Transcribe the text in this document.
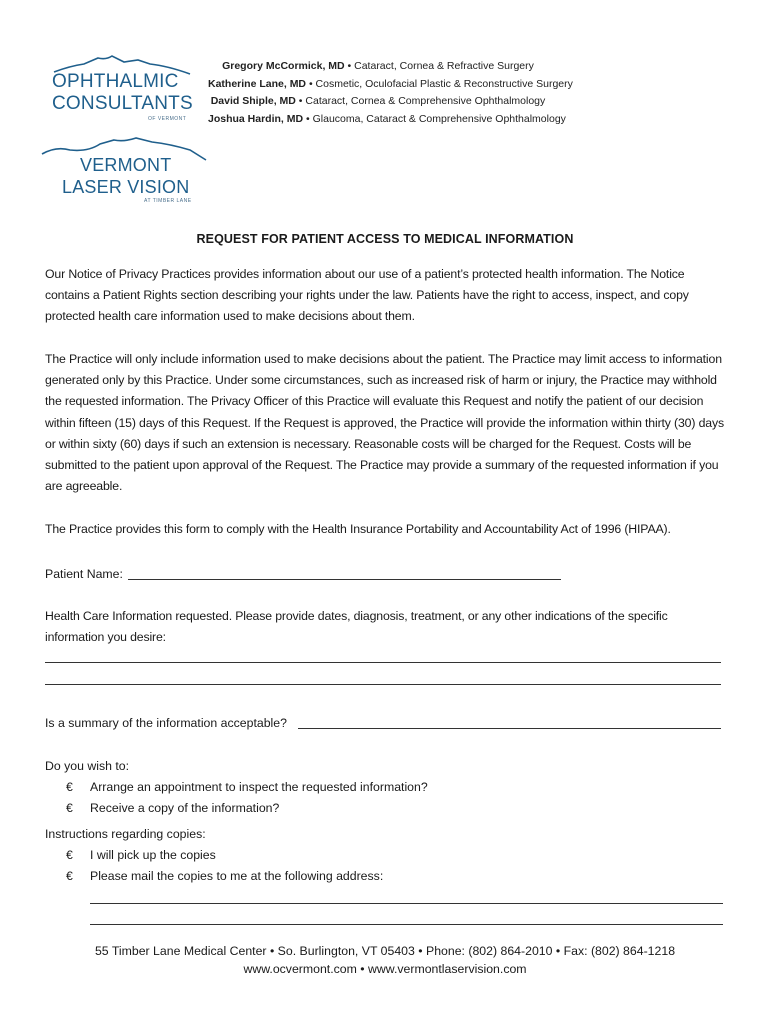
OPHTHALMIC
CONSULTANTS
OF VERMONT
VERMONT
LASER VISION
AT TIMBER LANE
Gregory McCormick, MD • Cataract, Cornea & Refractive Surgery
Katherine Lane, MD • Cosmetic, Oculofacial Plastic & Reconstructive Surgery
David Shiple, MD • Cataract, Cornea & Comprehensive Ophthalmology
Joshua Hardin, MD • Glaucoma, Cataract & Comprehensive Ophthalmology
REQUEST FOR PATIENT ACCESS TO MEDICAL INFORMATION
Our Notice of Privacy Practices provides information about our use of a patient’s protected health information. The Notice contains a Patient Rights section describing your rights under the law. Patients have the right to access, inspect, and copy protected health care information used to make decisions about them.
The Practice will only include information used to make decisions about the patient. The Practice may limit access to information generated only by this Practice. Under some circumstances, such as increased risk of harm or injury, the Practice may withhold the requested information. The Privacy Officer of this Practice will evaluate this Request and notify the patient of our decision within fifteen (15) days of this Request. If the Request is approved, the Practice will provide the information within thirty (30) days or within sixty (60) days if such an extension is necessary. Reasonable costs will be charged for the Request. Costs will be submitted to the patient upon approval of the Request. The Practice may provide a summary of the requested information if you are agreeable.
The Practice provides this form to comply with the Health Insurance Portability and Accountability Act of 1996 (HIPAA).
Patient Name:
Health Care Information requested. Please provide dates, diagnosis, treatment, or any other indications of the specific information you desire:
Is a summary of the information acceptable?
Do you wish to:
€ Arrange an appointment to inspect the requested information?
€ Receive a copy of the information?
Instructions regarding copies:
€ I will pick up the copies
€ Please mail the copies to me at the following address:
55 Timber Lane Medical Center • So. Burlington, VT 05403 • Phone: (802) 864-2010 • Fax: (802) 864-1218
www.ocvermont.com • www.vermontlaservision.com
